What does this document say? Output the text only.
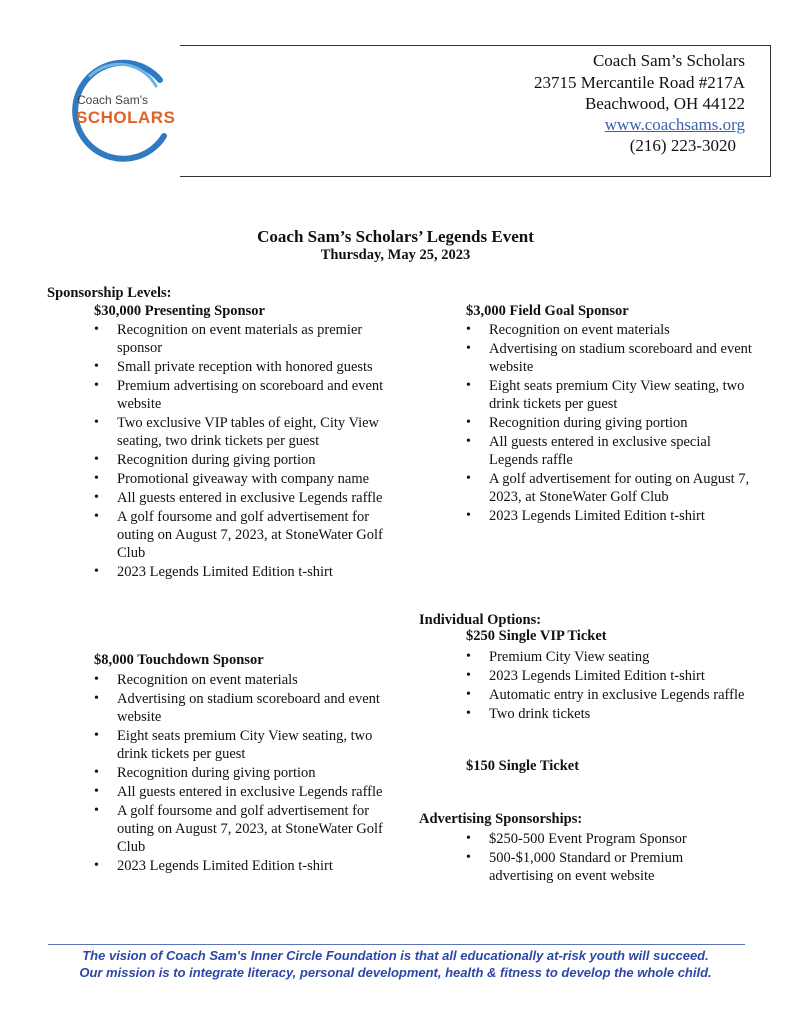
Coach Sam's
SCHOLARS
Coach Sam’s Scholars
23715 Mercantile Road #217A
Beachwood, OH 44122
www.coachsams.org
(216) 223-3020
Coach Sam’s Scholars’ Legends Event
Thursday, May 25, 2023
Sponsorship Levels:
$30,000 Presenting Sponsor
• Recognition on event materials as premier sponsor
• Small private reception with honored guests
• Premium advertising on scoreboard and event website
• Two exclusive VIP tables of eight, City View seating, two drink tickets per guest
• Recognition during giving portion
• Promotional giveaway with company name
• All guests entered in exclusive Legends raffle
• A golf foursome and golf advertisement for outing on August 7, 2023, at StoneWater Golf Club
• 2023 Legends Limited Edition t-shirt
$8,000 Touchdown Sponsor
• Recognition on event materials
• Advertising on stadium scoreboard and event website
• Eight seats premium City View seating, two drink tickets per guest
• Recognition during giving portion
• All guests entered in exclusive Legends raffle
• A golf foursome and golf advertisement for outing on August 7, 2023, at StoneWater Golf Club
• 2023 Legends Limited Edition t-shirt
$3,000 Field Goal Sponsor
• Recognition on event materials
• Advertising on stadium scoreboard and event website
• Eight seats premium City View seating, two drink tickets per guest
• Recognition during giving portion
• All guests entered in exclusive special Legends raffle
• A golf advertisement for outing on August 7, 2023, at StoneWater Golf Club
• 2023 Legends Limited Edition t-shirt
Individual Options:
$250 Single VIP Ticket
• Premium City View seating
• 2023 Legends Limited Edition t-shirt
• Automatic entry in exclusive Legends raffle
• Two drink tickets
$150 Single Ticket
Advertising Sponsorships:
• $250-500 Event Program Sponsor
• 500-$1,000 Standard or Premium advertising on event website
The vision of Coach Sam's Inner Circle Foundation is that all educationally at-risk youth will succeed.
Our mission is to integrate literacy, personal development, health & fitness to develop the whole child.
